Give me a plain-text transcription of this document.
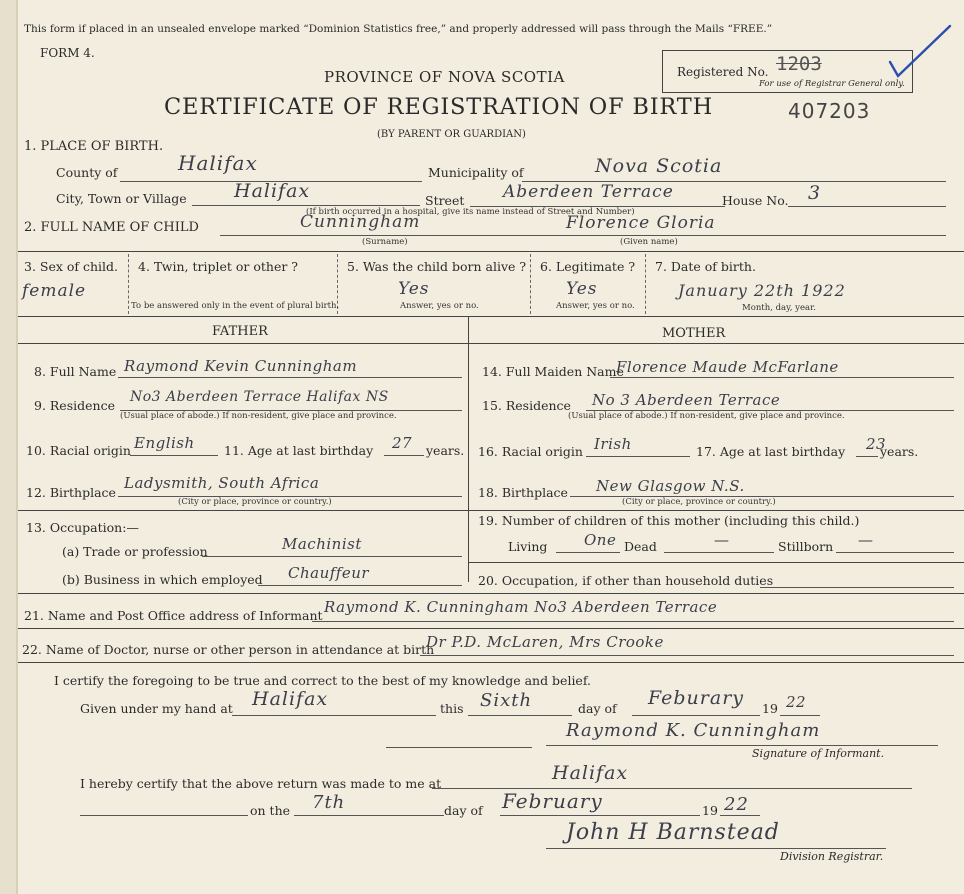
This form if placed in an unsealed envelope marked “Dominion Statistics free,” and properly addressed will pass through the Mails “FREE.”
FORM 4.
PROVINCE OF NOVA SCOTIA
CERTIFICATE OF REGISTRATION OF BIRTH	407203
(BY PARENT OR GUARDIAN)
Registered No. 1203
For use of Registrar General only.
1. PLACE OF BIRTH.
County of	Halifax	Municipality of	Nova Scotia
City, Town or Village Halifax	Street Aberdeen Terrace	House No. 3
(If birth occurred in a hospital, give its name instead of Street and Number)
2. FULL NAME OF CHILD	Cunningham	Florence Gloria
(Surname)	(Given name)
3. Sex of child.
female
4. Twin, triplet or other ?
To be answered only in the event of plural birth.
5. Was the child born alive ?
Yes
Answer, yes or no.
6. Legitimate ?
Yes
Answer, yes or no.
7. Date of birth.
January 22th 1922
Month, day, year.
FATHER	MOTHER
8. Full Name Raymond Kevin Cunningham
9. Residence
No3 Aberdeen Terrace Halifax NS
(Usual place of abode.) If non-resident, give place and province.
10. Racial origin English 11. Age at last birthday 27 years.
12. Birthplace
Ladysmith, South Africa
(City or place, province or country.)
13. Occupation:—
(a) Trade or profession	Machinist
(b) Business in which employed Chauffeur
14. Full Maiden Name
Florence Maude McFarlane
15. Residence No 3 Aberdeen Terrace
(Usual place of abode.) If non-resident, give place and province.
16. Racial origin Irish	17. Age at last birthday 23
years.
18. Birthplace New Glasgow N.S.
(City or place, province or country.)
19. Number of children of this mother (including this child.)
Living One Dead	—	Stillborn —
20. Occupation, if other than household duties
21. Name and Post Office address of Informant Raymond K. Cunningham No3 Aberdeen Terrace
22. Name of Doctor, nurse or other person in attendance at birth
Dr P.D. McLaren, Mrs Crooke
I certify the foregoing to be true and correct to the best of my knowledge and belief.
Given under my hand at Halifax	this Sixth	day of Feburary 19 22
Raymond K. Cunningham
Signature of Informant.
I hereby certify that the above return was made to me at	Halifax
on the 7th	day of February	19 22
John H Barnstead
Division Registrar.
